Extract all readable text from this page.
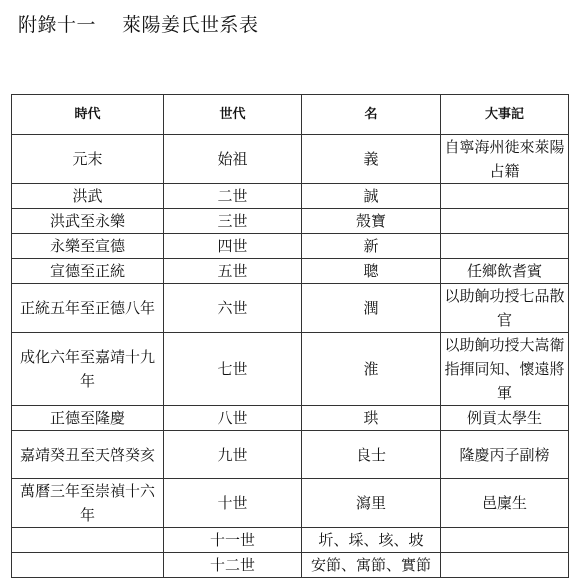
附錄十一 萊陽姜氏世系表
時代	世代	名	大事記
元末	始祖	義	自寧海州徙來萊陽占籍
洪武	二世	誠	
洪武至永樂	三世	殼寶	
永樂至宣德	四世	新	
宣德至正統	五世	聰	任鄉飲耆賓
正統五年至正德八年	六世	潤	以助餉功授七品散官
成化六年至嘉靖十九年	七世	淮	以助餉功授大嵩衛指揮同知、懷遠將軍
正德至隆慶	八世	珙	例貢太學生
嘉靖癸丑至天啓癸亥	九世	良士	隆慶丙子副榜
萬曆三年至崇禎十六年	十世	瀉里	邑廩生
	十一世	圻、埰、垓、坡	
	十二世	安節、寓節、實節	
